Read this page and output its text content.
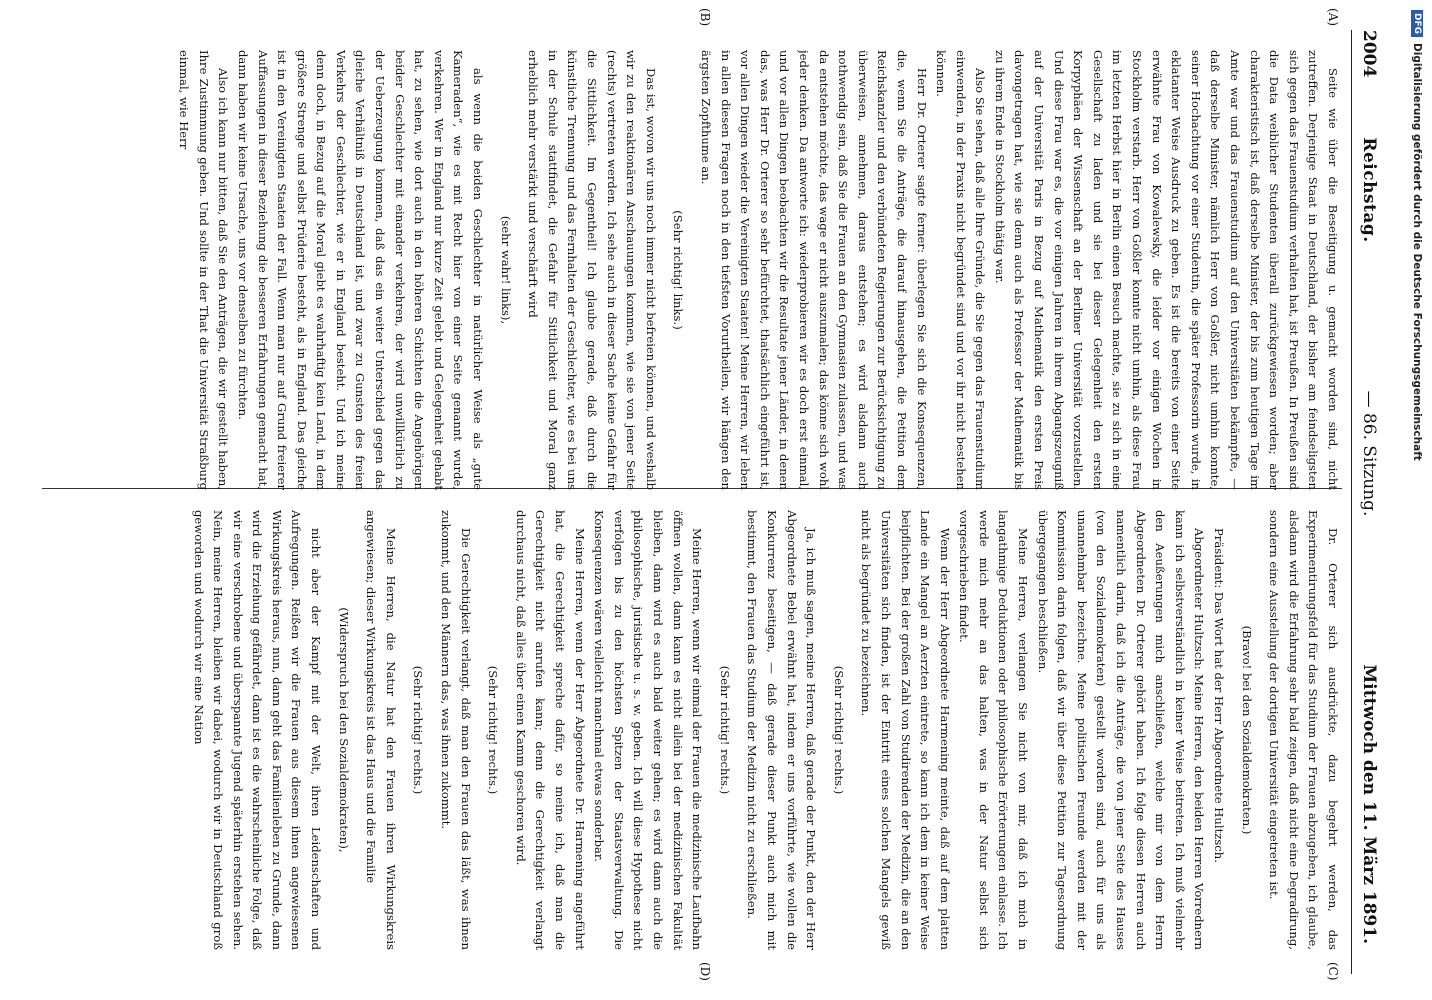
2004
Reichstag.
— 86. Sitzung.
Mittwoch den 11. März 1891.
(A)
(B)
(C)
(D)

Seite wie über die Beseitigung u. gemacht worden sind, nicht zutreffen. Derjenige Staat in Deutschland, der bisher am feindseligsten sich gegen das Frauenstudium verhalten hat, ist Preußen. In Preußen sind die Data weiblicher Studenten überall zurückgewiesen worden; aber charakteristisch ist, daß derselbe Minister, der bis zum heutigen Tage im Amte war und das Frauenstudium auf den Universitäten bekämpfte, — daß derselbe Minister, nämlich Herr von Goßler, nicht umhin konnte, seiner Hochachtung vor einer Studentin, die später Professorin wurde, in eklatanter Weise Ausdruck zu geben. Es ist die bereits von einer Seite erwähnte Frau von Kowalewsky, die leider vor einigen Wochen in Stockholm verstarb. Herr von Goßler konnte nicht umhin, als diese Frau im letzten Herbst hier in Berlin einen Besuch machte, sie zu sich in eine Gesellschaft zu laden und sie bei dieser Gelegenheit den ersten Korpyphäen der Wissenschaft an der Berliner Universität vorzustellen. Und diese Frau war es, die vor einigen Jahren in ihrem Abgangszeugniß auf der Universität Paris in Bezug auf Mathematik den ersten Preis davongetragen hat, wie sie denn auch als Professor der Mathematik bis zu ihrem Ende in Stockholm thätig war.

Also Sie sehen, daß alle Ihre Gründe, die Sie gegen das Frauenstudium einwenden, in der Praxis nicht begründet sind und vor ihr nicht bestehen können.

Herr Dr. Orterer sagte ferner: überlegen Sie sich die Konsequenzen, die, wenn Sie die Anträge, die darauf hinausgehen, die Petition dem Reichskanzler und den verbündeten Regierungen zur Berücksichtigung zu überweisen, annehmen, daraus entstehen; es wird alsdann auch nothwendig sein, daß Sie die Frauen an den Gymnasien zulassen, und was da entstehen möchte, das wage er nicht auszumalen; das könne sich wohl jeder denken. Da antworte ich: wiederprobieren wir es doch erst einmal, und vor allen Dingen beobachten wir die Resultate jener Länder, in denen das, was Herr Dr. Orterer so sehr befürchtet, thatsächlich eingeführt ist, vor allen Dingen wieder die Vereinigten Staaten! Meine Herren, wir leben in allen diesen Fragen noch in den tiefsten Vorurtheilen, wir hängen den ärgsten Zopfthume an.

(Sehr richtig! links.)

Das ist, wovon wir uns noch immer nicht befreien können, und weshalb wir zu den reaktionären Anschauungen kommen, wie sie von jener Seite (rechts) vertreten werden. Ich sehe auch in dieser Sache keine Gefahr für die Sittlichkeit. Im Gegentheil! Ich glaube gerade, daß durch die künstliche Trennung und das Fernhalten der Geschlechter, wie es bei uns in der Schule stattfindet, die Gefahr für Sittlichkeit und Moral ganz erheblich mehr verstärkt und verschärft wird

(sehr wahr! links),

als wenn die beiden Geschlechter in natürlicher Weise als „gute Kameraden“, wie es mit Recht hier von einer Seite genannt wurde, verkehren. Wer in England nur kurze Zeit gelebt und Gelegenheit gehabt hat, zu sehen, wie dort auch in den höheren Schichten die Angehörigen beider Geschlechter mit einander verkehren, der wird unwillkürlich zu der Ueberzeugung kommen, daß das ein weiter Unterschied gegen das gleiche Verhältniß in Deutschland ist, und zwar zu Gunsten des freien Verkehrs der Geschlechter, wie er in England besteht. Und ich meine denn doch, in Bezug auf die Moral giebt es wahrhaftig kein Land, in dem größere Strenge und selbst Prüderie besteht, als in England. Das gleiche ist in den Vereinigten Staaten der Fall. Wenn man nur auf Grund freierer Auffassungen in dieser Beziehung die besseren Erfahrungen gemacht hat, dann haben wir keine Ursache, uns vor denselben zu fürchten.

Also ich kann nur bitten, daß Sie den Anträgen, die wir gestellt haben, Ihre Zustimmung geben. Und sollte in der That die Universität Straßburg einmal, wie Herr

Dr. Orterer sich ausdrückte, dazu begehrt werden, das Experimentirungsfeld für das Studium der Frauen abzugeben, ich glaube, alsdann wird die Erfahrung sehr bald zeigen, daß nicht eine Degradirung, sondern eine Ausstellung der dortigen Universität eingetreten ist.

(Bravo! bei den Sozialdemokraten.)

Präsident: Das Wort hat der Herr Abgeordnete Hultzsch.

Abgeordneter Hultzsch: Meine Herren, den beiden Herren Vorrednern kann ich selbstverständlich in keiner Weise beitreten. Ich muß vielmehr den Aeußerungen mich anschließen, welche mir von dem Herrn Abgeordneten Dr. Orterer gehört haben. Ich folge diesen Herren auch namentlich darin, daß ich die Anträge, die von jener Seite des Hauses (von den Sozialdemokraten) gestellt worden sind, auch für uns als unannehmbar bezeichne. Meine politischen Freunde werden mit der Kommission darin folgen, daß wir über diese Petition zur Tagesordnung übergegangen beschließen.

Meine Herren, verlangen Sie nicht von mir, daß ich mich in langathmige Deduktionen oder philosophische Erörterungen einlasse. Ich werde mich mehr an das halten, was in der Natur selbst sich vorgeschrieben findet.

Wenn der Herr Abgeordnete Harmening meinte, daß auf dem platten Lande ein Mangel an Aerzten eintrete, so kann ich dem in keiner Weise beipflichten. Bei der großen Zahl von Studirenden der Medizin, die an den Universitäten sich finden, ist der Eintritt eines solchen Mangels gewiß nicht als begründet zu bezeichnen.

(Sehr richtig! rechts.)

Ja, ich muß sagen, meine Herren, daß gerade der Punkt, den der Herr Abgeordnete Bebel erwähnt hat, indem er uns vorführte, wie wollen die Konkurrenz beseitigen, — daß gerade dieser Punkt auch mich mit bestimmt, den Frauen das Studium der Medizin nicht zu erschließen.

(Sehr richtig! rechts.)

Meine Herren, wenn wir einmal der Frauen die medizinische Laufbahn öffnen wollen, dann kann es nicht allein bei der medizinischen Fakultät bleiben, dann wird es auch bald weiter gehen; es wird dann auch die philosophische, juristische u. s. w. geben. Ich will diese Hypothese nicht verfolgen bis zu den höchsten Spitzen der Staatsverwaltung. Die Konsequenzen wären vielleicht manchmal etwas sonderbar.

Meine Herren, wenn der Herr Abgeordnete Dr. Harmening angeführt hat, die Gerechtigkeit spreche dafür, so meine ich, daß man die Gerechtigkeit nicht anrufen kann; denn die Gerechtigkeit verlangt durchaus nicht, daß alles über einen Kamm geschoren wird.

(Sehr richtig! rechts.)

Die Gerechtigkeit verlangt, daß man den Frauen das läßt, was ihnen zukommt, und den Männern das, was ihnen zukommt.

(Sehr richtig! rechts.)

Meine Herren, die Natur hat den Frauen ihren Wirkungskreis angewiesen; dieser Wirkungskreis ist das Haus und die Familie

(Widerspruch bei den Sozialdemokraten),

nicht aber der Kampf mit der Welt, ihren Leidenschaften und Aufregungen. Reißen wir die Frauen aus diesem ihnen angewiesenen Wirkungskreis heraus, nun, dann geht das Familienleben zu Grunde, dann wird die Erziehung gefährdet, dann ist es die wahrscheinliche Folge, daß wir eine verschrobene und überspannte Jugend späterhin erstehen sehen. Nein, meine Herren, bleiben wir dabei, wodurch wir in Deutschland groß geworden und wodurch wir eine Nation

DFG
Digitalisierung gefördert durch die Deutsche Forschungsgemeinschaft
